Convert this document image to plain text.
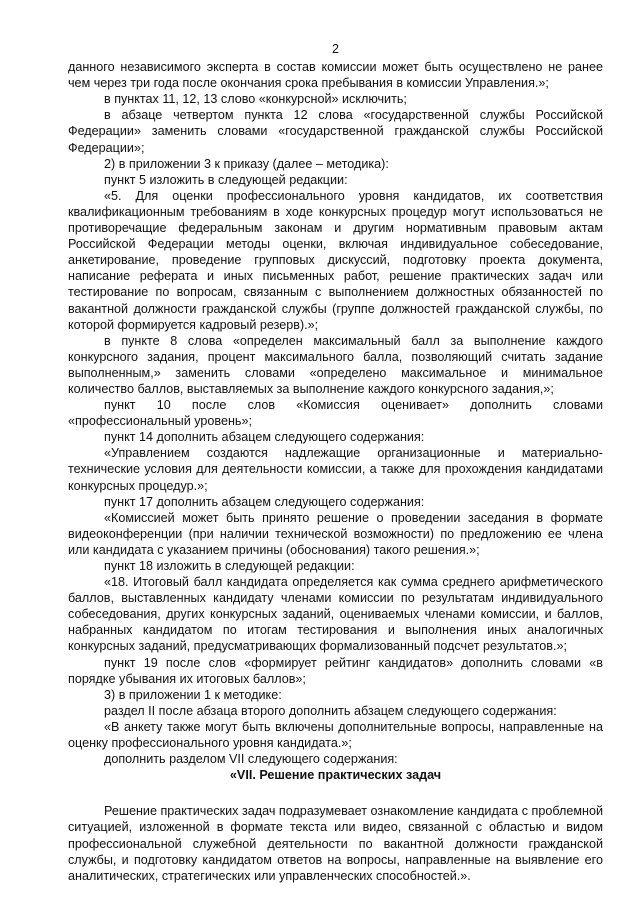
2

данного независимого эксперта в состав комиссии может быть осуществлено не ранее чем через три года после окончания срока пребывания в комиссии Управления.»;

в пунктах 11, 12, 13 слово «конкурсной» исключить;

в абзаце четвертом пункта 12 слова «государственной службы Российской Федерации» заменить словами «государственной гражданской службы Российской Федерации»;

2) в приложении 3 к приказу (далее – методика):

пункт 5 изложить в следующей редакции:

«5. Для оценки профессионального уровня кандидатов, их соответствия квалификационным требованиям в ходе конкурсных процедур могут использоваться не противоречащие федеральным законам и другим нормативным правовым актам Российской Федерации методы оценки, включая индивидуальное собеседование, анкетирование, проведение групповых дискуссий, подготовку проекта документа, написание реферата и иных письменных работ, решение практических задач или тестирование по вопросам, связанным с выполнением должностных обязанностей по вакантной должности гражданской службы (группе должностей гражданской службы, по которой формируется кадровый резерв).»;

в пункте 8 слова «определен максимальный балл за выполнение каждого конкурсного задания, процент максимального балла, позволяющий считать задание выполненным,» заменить словами «определено максимальное и минимальное количество баллов, выставляемых за выполнение каждого конкурсного задания,»;

пункт 10 после слов «Комиссия оценивает» дополнить словами «профессиональный уровень»;

пункт 14 дополнить абзацем следующего содержания:

«Управлением создаются надлежащие организационные и материально-технические условия для деятельности комиссии, а также для прохождения кандидатами конкурсных процедур.»;

пункт 17 дополнить абзацем следующего содержания:

«Комиссией может быть принято решение о проведении заседания в формате видеоконференции (при наличии технической возможности) по предложению ее члена или кандидата с указанием причины (обоснования) такого решения.»;

пункт 18 изложить в следующей редакции:

«18. Итоговый балл кандидата определяется как сумма среднего арифметического баллов, выставленных кандидату членами комиссии по результатам индивидуального собеседования, других конкурсных заданий, оцениваемых членами комиссии, и баллов, набранных кандидатом по итогам тестирования и выполнения иных аналогичных конкурсных заданий, предусматривающих формализованный подсчет результатов.»;

пункт 19 после слов «формирует рейтинг кандидатов» дополнить словами «в порядке убывания их итоговых баллов»;

3) в приложении 1 к методике:

раздел II после абзаца второго дополнить абзацем следующего содержания:

«В анкету также могут быть включены дополнительные вопросы, направленные на оценку профессионального уровня кандидата.»;

дополнить разделом VII следующего содержания:

«VII. Решение практических задач

Решение практических задач подразумевает ознакомление кандидата с проблемной ситуацией, изложенной в формате текста или видео, связанной с областью и видом профессиональной служебной деятельности по вакантной должности гражданской службы, и подготовку кандидатом ответов на вопросы, направленные на выявление его аналитических, стратегических или управленческих способностей.».
